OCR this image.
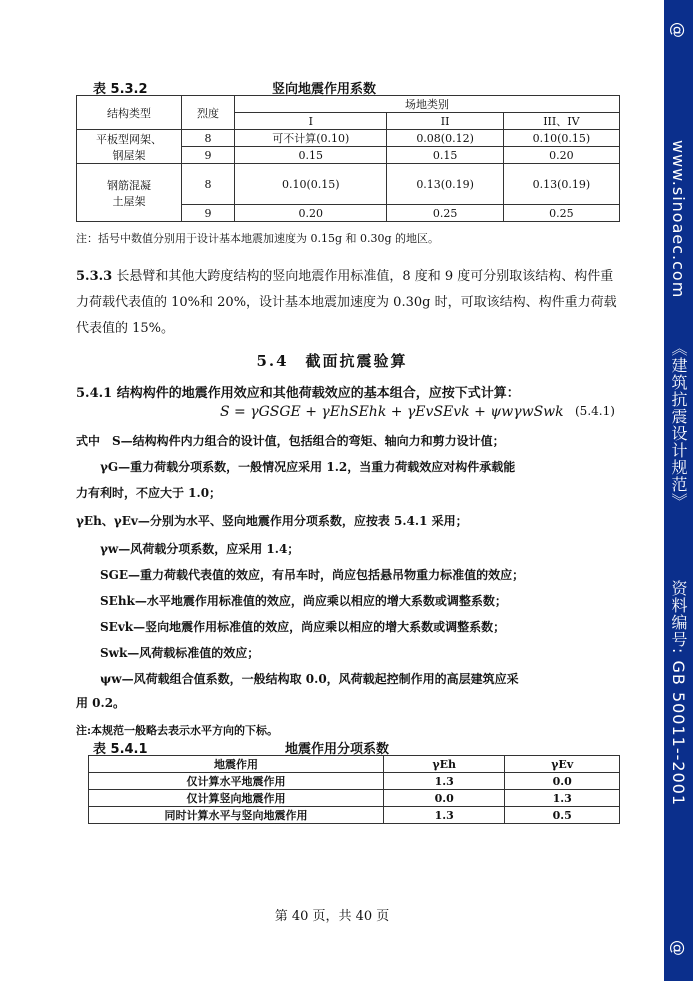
@
www.sinoaec.com
《建筑抗震设计规范》
资料编号: GB 50011--2001
@
表 5.3.2	竖向地震作用系数
结构类型	烈度	场地类别		
		I	II	III、IV
平板型网架、
钢屋架	8	可不计算(0.10)	0.08(0.12)	0.10(0.15)
	9	0.15	0.15	0.20
钢筋混凝
土屋架	8	0.10(0.15)	0.13(0.19)	0.13(0.19)
	9	0.20	0.25	0.25
注：括号中数值分别用于设计基本地震加速度为 0.15g 和 0.30g 的地区。
5.3.3 长悬臂和其他大跨度结构的竖向地震作用标准值，8 度和 9 度可分别取该结构、构件重力荷载代表值的 10%和 20%，设计基本地震加速度为 0.30g 时，可取该结构、构件重力荷载代表值的 15%。
5.4　截面抗震验算
5.4.1 结构构件的地震作用效应和其他荷载效应的基本组合，应按下式计算：
S = γGSGE + γEhSEhk + γEvSEvk + ψwγwSwk (5.4.1)
式中　S—结构构件内力组合的设计值，包括组合的弯矩、轴向力和剪力设计值；
　　γG—重力荷载分项系数，一般情况应采用 1.2，当重力荷载效应对构件承载能
力有利时，不应大于 1.0；
γEh、γEv—分别为水平、竖向地震作用分项系数，应按表 5.4.1 采用；
　　γw—风荷载分项系数，应采用 1.4；
　　SGE—重力荷载代表值的效应，有吊车时，尚应包括悬吊物重力标准值的效应；
　　SEhk—水平地震作用标准值的效应，尚应乘以相应的增大系数或调整系数；
　　SEvk—竖向地震作用标准值的效应，尚应乘以相应的增大系数或调整系数；
　　Swk—风荷载标准值的效应；
　　ψw—风荷载组合值系数，一般结构取 0.0，风荷载起控制作用的高层建筑应采
用 0.2。
注:本规范一般略去表示水平方向的下标。
表 5.4.1	地震作用分项系数
地震作用	γEh	γEv
仅计算水平地震作用	1.3	0.0
仅计算竖向地震作用	0.0	1.3
同时计算水平与竖向地震作用	1.3	0.5
第 40 页，共 40 页
